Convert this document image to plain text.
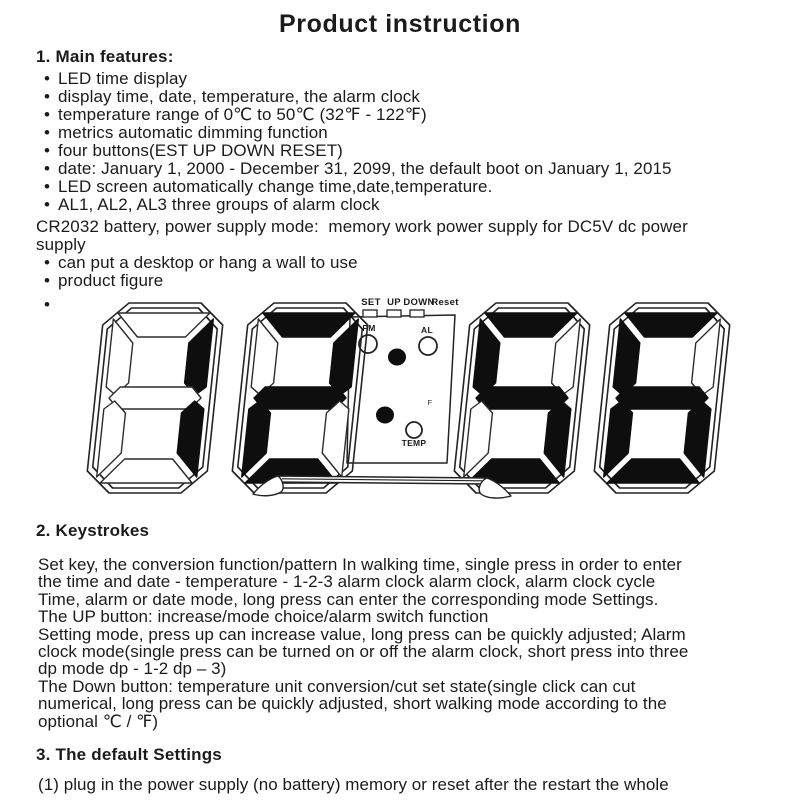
Product instruction
1. Main features:
• LED time display
• display time, date, temperature, the alarm clock
• temperature range of 0℃ to 50℃ (32℉ - 122℉)
• metrics automatic dimming function
• four buttons(EST UP DOWN RESET)
• date: January 1, 2000 - December 31, 2099, the default boot on January 1, 2015
• LED screen automatically change time,date,temperature.
• AL1, AL2, AL3 three groups of alarm clock
CR2032 battery, power supply mode:  memory work power supply for DC5V dc power
supply
• can put a desktop or hang a wall to use
• product figure
SET UP DOWN
Reset
PM	AL
F
TEMP
2. Keystrokes
Set key, the conversion function/pattern In walking time, single press in order to enter
the time and date - temperature - 1-2-3 alarm clock alarm clock, alarm clock cycle
Time, alarm or date mode, long press can enter the corresponding mode Settings.
The UP button: increase/mode choice/alarm switch function
Setting mode, press up can increase value, long press can be quickly adjusted; Alarm
clock mode(single press can be turned on or off the alarm clock, short press into three
dp mode dp - 1-2 dp – 3)
The Down button: temperature unit conversion/cut set state(single click can cut
numerical, long press can be quickly adjusted, short walking mode according to the
optional ℃ / ℉)
3. The default Settings
(1) plug in the power supply (no battery) memory or reset after the restart the whole
